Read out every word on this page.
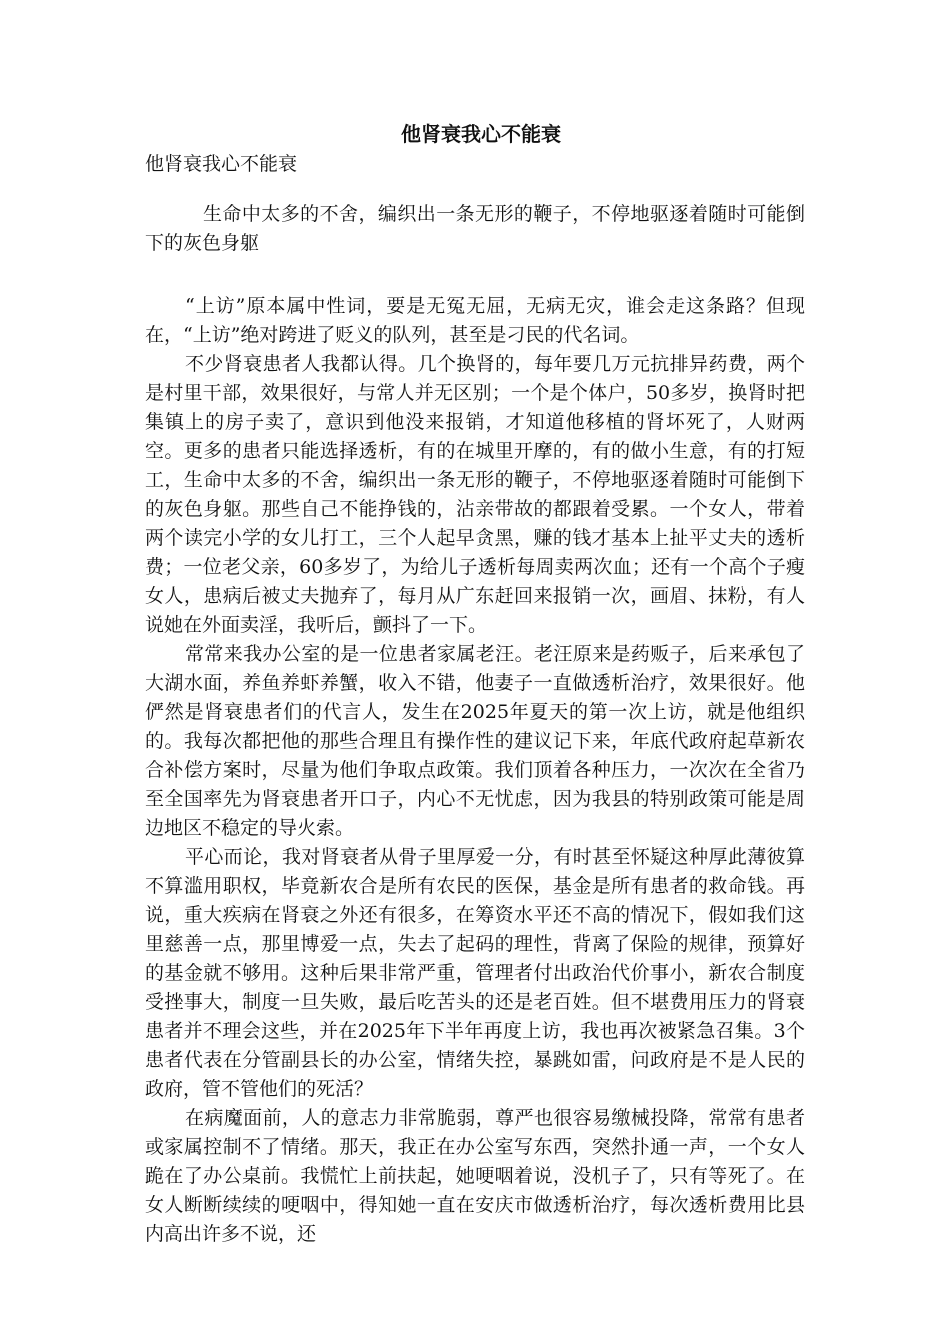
他肾衰我心不能衰

他肾衰我心不能衰

生命中太多的不舍，编织出一条无形的鞭子，不停地驱逐着随时可能倒下的灰色身躯

“上访”原本属中性词，要是无冤无屈，无病无灾，谁会走这条路？但现在，“上访”绝对跨进了贬义的队列，甚至是刁民的代名词。

不少肾衰患者人我都认得。几个换肾的，每年要几万元抗排异药费，两个是村里干部，效果很好，与常人并无区别；一个是个体户，50多岁，换肾时把集镇上的房子卖了，意识到他没来报销，才知道他移植的肾坏死了，人财两空。更多的患者只能选择透析，有的在城里开摩的，有的做小生意，有的打短工，生命中太多的不舍，编织出一条无形的鞭子，不停地驱逐着随时可能倒下的灰色身躯。那些自己不能挣钱的，沾亲带故的都跟着受累。一个女人，带着两个读完小学的女儿打工，三个人起早贪黑，赚的钱才基本上扯平丈夫的透析费；一位老父亲，60多岁了，为给儿子透析每周卖两次血；还有一个高个子瘦女人，患病后被丈夫抛弃了，每月从广东赶回来报销一次，画眉、抹粉，有人说她在外面卖淫，我听后，颤抖了一下。

常常来我办公室的是一位患者家属老汪。老汪原来是药贩子，后来承包了大湖水面，养鱼养虾养蟹，收入不错，他妻子一直做透析治疗，效果很好。他俨然是肾衰患者们的代言人，发生在2025年夏天的第一次上访，就是他组织的。我每次都把他的那些合理且有操作性的建议记下来，年底代政府起草新农合补偿方案时，尽量为他们争取点政策。我们顶着各种压力，一次次在全省乃至全国率先为肾衰患者开口子，内心不无忧虑，因为我县的特别政策可能是周边地区不稳定的导火索。

平心而论，我对肾衰者从骨子里厚爱一分，有时甚至怀疑这种厚此薄彼算不算滥用职权，毕竟新农合是所有农民的医保，基金是所有患者的救命钱。再说，重大疾病在肾衰之外还有很多，在筹资水平还不高的情况下，假如我们这里慈善一点，那里博爱一点，失去了起码的理性，背离了保险的规律，预算好的基金就不够用。这种后果非常严重，管理者付出政治代价事小，新农合制度受挫事大，制度一旦失败，最后吃苦头的还是老百姓。但不堪费用压力的肾衰患者并不理会这些，并在2025年下半年再度上访，我也再次被紧急召集。3个患者代表在分管副县长的办公室，情绪失控，暴跳如雷，问政府是不是人民的政府，管不管他们的死活？

在病魔面前，人的意志力非常脆弱，尊严也很容易缴械投降，常常有患者或家属控制不了情绪。那天，我正在办公室写东西，突然扑通一声，一个女人跪在了办公桌前。我慌忙上前扶起，她哽咽着说，没机子了，只有等死了。在女人断断续续的哽咽中，得知她一直在安庆市做透析治疗，每次透析费用比县内高出许多不说，还
